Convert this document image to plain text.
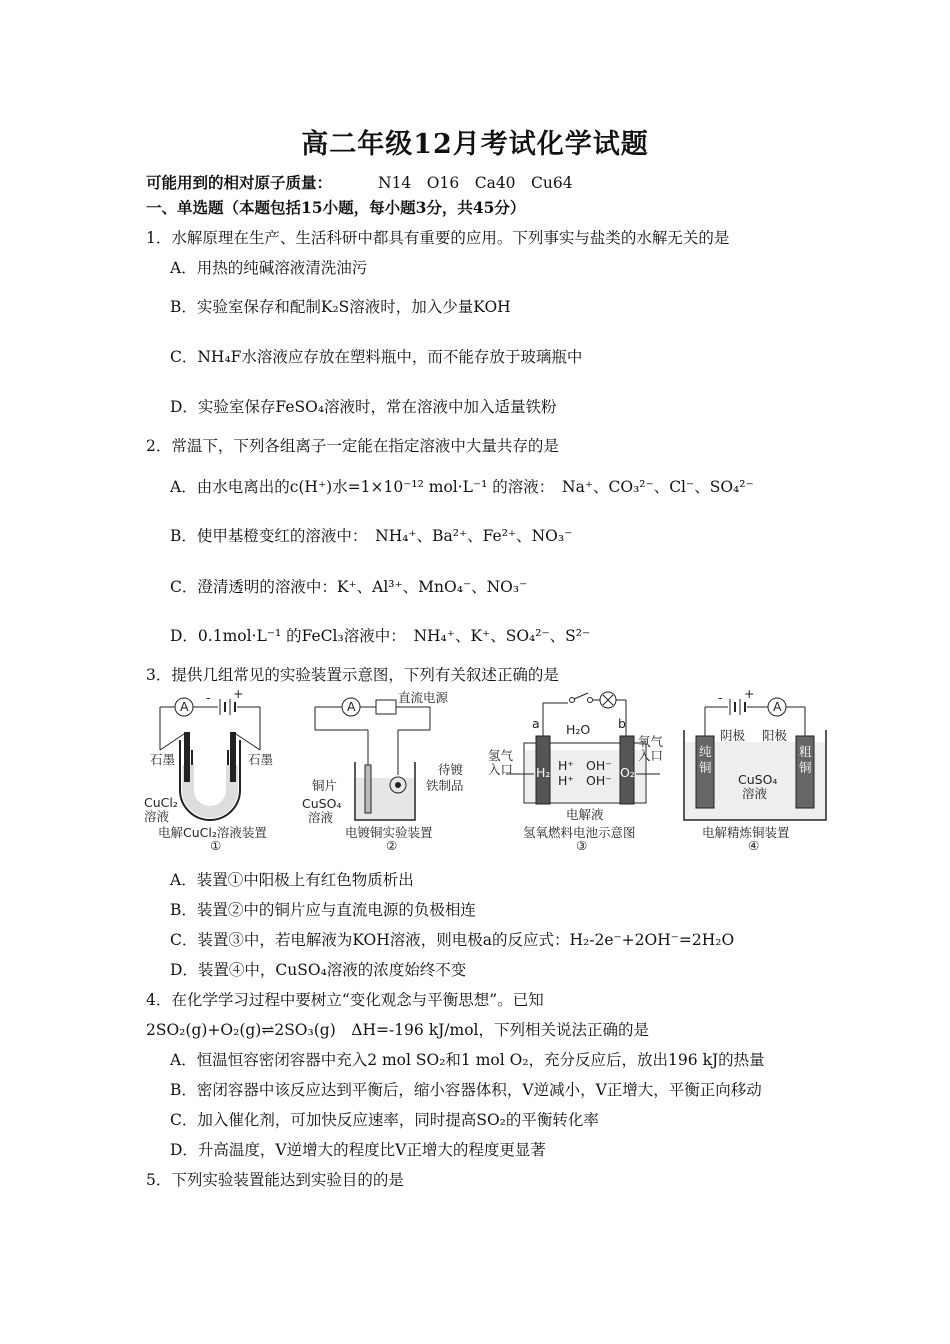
高二年级12月考试化学试题
可能用到的相对原子质量：	N14　O16　Ca40　Cu64
一、单选题（本题包括15小题，每小题3分，共45分）
1．水解原理在生产、生活科研中都具有重要的应用。下列事实与盐类的水解无关的是
A．用热的纯碱溶液清洗油污
B．实验室保存和配制K₂S溶液时，加入少量KOH
C．NH₄F水溶液应存放在塑料瓶中，而不能存放于玻璃瓶中
D．实验室保存FeSO₄溶液时，常在溶液中加入适量铁粉
2．常温下，下列各组离子一定能在指定溶液中大量共存的是
A．由水电离出的c(H⁺)水=1×10⁻¹² mol·L⁻¹ 的溶液：　Na⁺、CO₃²⁻、Cl⁻、SO₄²⁻
B．使甲基橙变红的溶液中：　NH₄⁺、Ba²⁺、Fe²⁺、NO₃⁻
C．澄清透明的溶液中：K⁺、Al³⁺、MnO₄⁻、NO₃⁻
D．0.1mol·L⁻¹ 的FeCl₃溶液中：　NH₄⁺、K⁺、SO₄²⁻、S²⁻
3．提供几组常见的实验装置示意图，下列有关叙述正确的是
A
- +
石墨	石墨
CuCl₂
溶液
电解CuCl₂溶液装置
①
A
直流电源
铜片
待镀
铁制品
CuSO₄
溶液
电镀铜实验装置
②
a	b
H₂O
H₂	O₂
H⁺ OH⁻
H⁺ OH⁻
氢气
入口
氧气
入口
电解液
氢氧燃料电池示意图
③
- +
A
纯
铜
粗
铜
阴极 阳极
CuSO₄
溶液
电解精炼铜装置
④
A．装置①中阳极上有红色物质析出
B．装置②中的铜片应与直流电源的负极相连
C．装置③中，若电解液为KOH溶液，则电极a的反应式：H₂-2e⁻+2OH⁻=2H₂O
D．装置④中，CuSO₄溶液的浓度始终不变
4．在化学学习过程中要树立“变化观念与平衡思想”。已知
2SO₂(g)+O₂(g)⇌2SO₃(g)　ΔH=-196 kJ/mol，下列相关说法正确的是
A．恒温恒容密闭容器中充入2 mol SO₂和1 mol O₂，充分反应后，放出196 kJ的热量
B．密闭容器中该反应达到平衡后，缩小容器体积，V逆减小，V正增大，平衡正向移动
C．加入催化剂，可加快反应速率，同时提高SO₂的平衡转化率
D．升高温度，V逆增大的程度比V正增大的程度更显著
5．下列实验装置能达到实验目的的是
